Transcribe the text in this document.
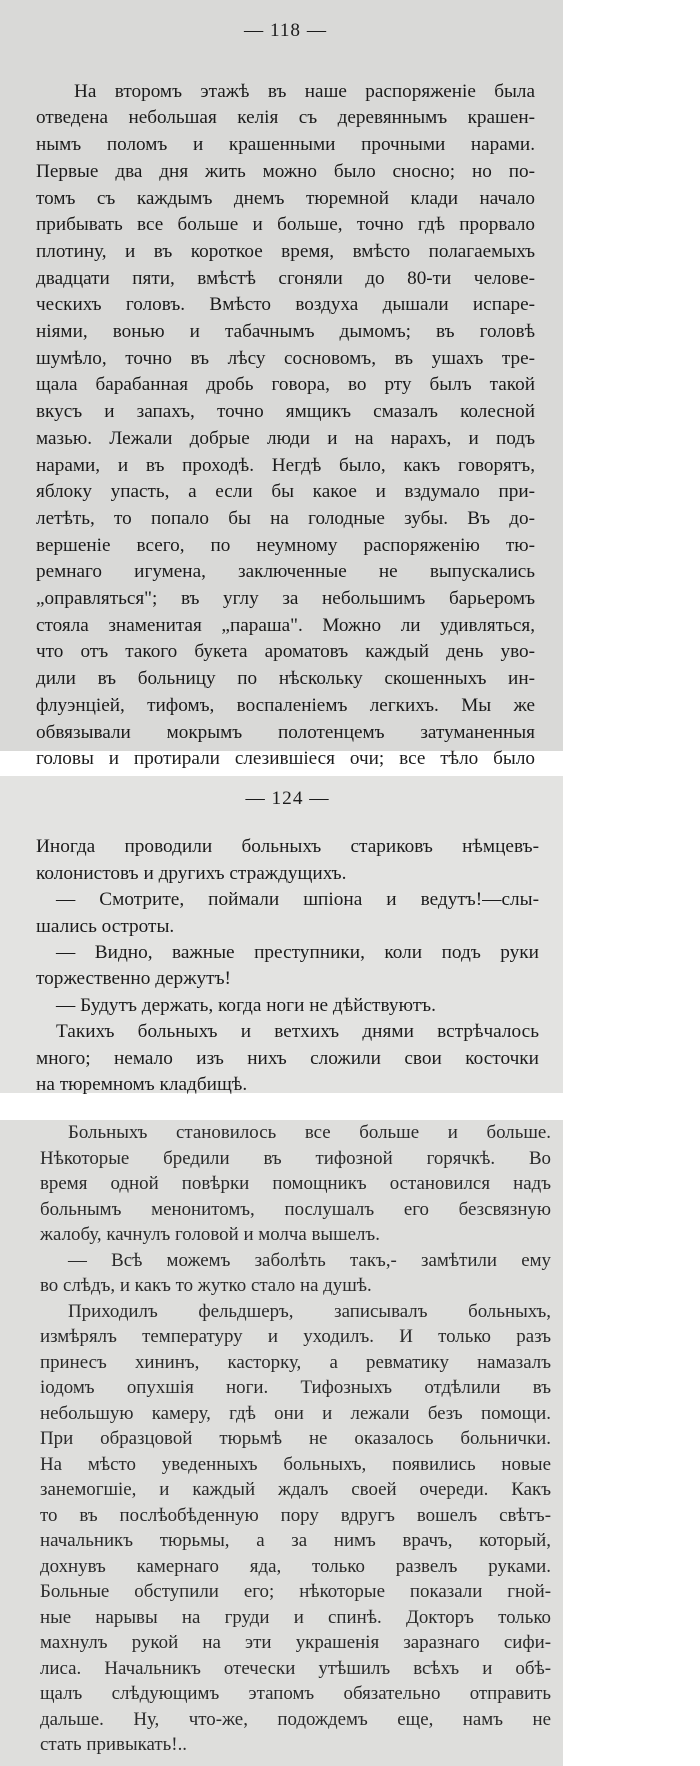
— 118 —
На второмъ этажѣ въ наше распоряженіе была
отведена небольшая келія съ деревяннымъ крашен-
нымъ поломъ и крашенными прочными нарами.
Первые два дня жить можно было сносно; но по-
томъ съ каждымъ днемъ тюремной клади начало
прибывать все больше и больше, точно гдѣ прорвало
плотину, и въ короткое время, вмѣсто полагаемыхъ
двадцати пяти, вмѣстѣ сгоняли до 80-ти челове-
ческихъ головъ. Вмѣсто воздуха дышали испаре-
ніями, вонью и табачнымъ дымомъ; въ головѣ
шумѣло, точно въ лѣсу сосновомъ, въ ушахъ тре-
щала барабанная дробь говора, во рту былъ такой
вкусъ и запахъ, точно ямщикъ смазалъ колесной
мазью. Лежали добрые люди и на нарахъ, и подъ
нарами, и въ проходѣ. Негдѣ было, какъ говорятъ,
яблоку упасть, а если бы какое и вздумало при-
летѣть, то попало бы на голодные зубы. Въ до-
вершеніе всего, по неумному распоряженію тю-
ремнаго игумена, заключенные не выпускались
„оправляться"; въ углу за небольшимъ барьеромъ
стояла знаменитая „параша". Можно ли удивляться,
что отъ такого букета ароматовъ каждый день уво-
дили въ больницу по нѣскольку скошенныхъ ин-
флуэнціей, тифомъ, воспаленіемъ легкихъ. Мы же
обвязывали мокрымъ полотенцемъ затуманенныя
головы и протирали слезившіеся очи; все тѣло было
— 124 —
Иногда проводили больныхъ стариковъ нѣмцевъ-
колонистовъ и другихъ страждущихъ.
— Смотрите, поймали шпіона и ведутъ!—слы-
шались остроты.
— Видно, важные преступники, коли подъ руки
торжественно держутъ!
— Будутъ держать, когда ноги не дѣйствуютъ.
Такихъ больныхъ и ветхихъ днями встрѣчалось
много; немало изъ нихъ сложили свои косточки
на тюремномъ кладбищѣ.
Больныхъ становилось все больше и больше.
Нѣкоторые бредили въ тифозной горячкѣ. Во
время одной повѣрки помощникъ остановился надъ
больнымъ менонитомъ, послушалъ его безсвязную
жалобу, качнулъ головой и молча вышелъ.
— Всѣ можемъ заболѣть такъ,- замѣтили ему
во слѣдъ, и какъ то жутко стало на душѣ.
Приходилъ фельдшеръ, записывалъ больныхъ,
измѣрялъ температуру и уходилъ. И только разъ
принесъ хининъ, касторку, а ревматику намазалъ
іодомъ опухшія ноги. Тифозныхъ отдѣлили въ
небольшую камеру, гдѣ они и лежали безъ помощи.
При образцовой тюрьмѣ не оказалось больнички.
На мѣсто уведенныхъ больныхъ, появились новые
занемогшіе, и каждый ждалъ своей очереди. Какъ
то въ послѣобѣденную пору вдругъ вошелъ свѣтъ-
начальникъ тюрьмы, а за нимъ врачъ, который,
дохнувъ камернаго яда, только развелъ руками.
Больные обступили его; нѣкоторые показали гной-
ные нарывы на груди и спинѣ. Докторъ только
махнулъ рукой на эти украшенія заразнаго сифи-
лиса. Начальникъ отечески утѣшилъ всѣхъ и обѣ-
щалъ слѣдующимъ этапомъ обязательно отправить
дальше. Ну, что-же, подождемъ еще, намъ не
стать привыкать!..
